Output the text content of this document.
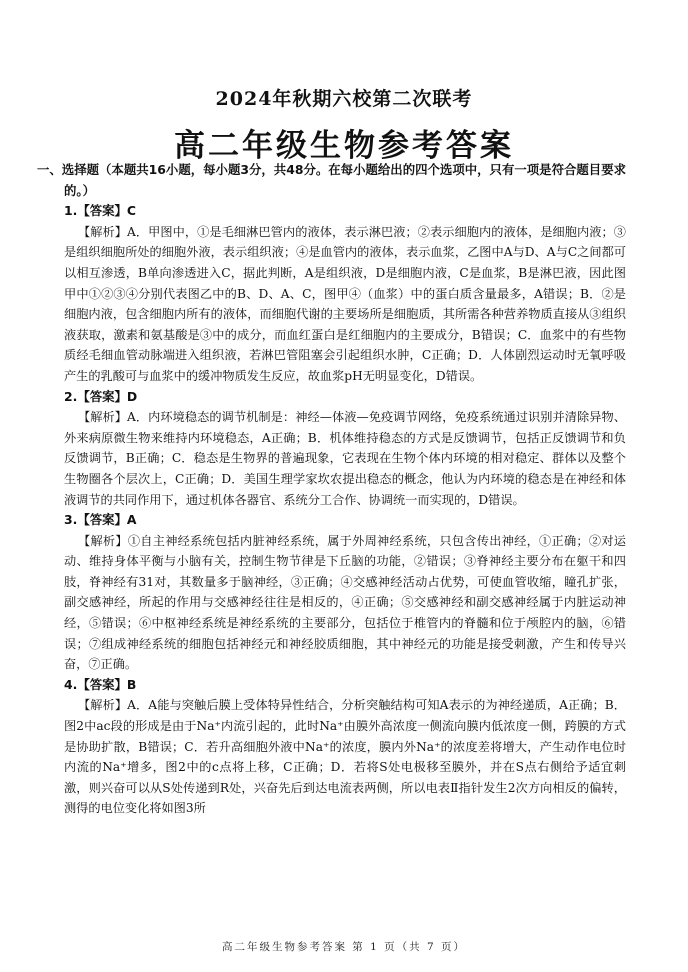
2024年秋期六校第二次联考
高二年级生物参考答案
一、选择题（本题共16小题，每小题3分，共48分。在每小题给出的四个选项中，只有一项是符合题目要求的。）
1.【答案】C
【解析】A．甲图中，①是毛细淋巴管内的液体，表示淋巴液；②表示细胞内的液体，是细胞内液；③是组织细胞所处的细胞外液，表示组织液；④是血管内的液体，表示血浆，乙图中A与D、A与C之间都可以相互渗透，B单向渗透进入C，据此判断，A是组织液，D是细胞内液，C是血浆，B是淋巴液，因此图甲中①②③④分别代表图乙中的B、D、A、C，图甲④（血浆）中的蛋白质含量最多，A错误；B．②是细胞内液，包含细胞内所有的液体，而细胞代谢的主要场所是细胞质，其所需各种营养物质直接从③组织液获取，激素和氨基酸是③中的成分，而血红蛋白是红细胞内的主要成分，B错误；C．血浆中的有些物质经毛细血管动脉端进入组织液，若淋巴管阻塞会引起组织水肿，C正确；D．人体剧烈运动时无氧呼吸产生的乳酸可与血浆中的缓冲物质发生反应，故血浆pH无明显变化，D错误。
2.【答案】D
【解析】A．内环境稳态的调节机制是：神经—体液—免疫调节网络，免疫系统通过识别并清除异物、外来病原微生物来维持内环境稳态，A正确；B．机体维持稳态的方式是反馈调节，包括正反馈调节和负反馈调节，B正确；C．稳态是生物界的普遍现象，它表现在生物个体内环境的相对稳定、群体以及整个生物圈各个层次上，C正确；D．美国生理学家坎农提出稳态的概念，他认为内环境的稳态是在神经和体液调节的共同作用下，通过机体各器官、系统分工合作、协调统一而实现的，D错误。
3.【答案】A
【解析】①自主神经系统包括内脏神经系统，属于外周神经系统，只包含传出神经，①正确；②对运动、维持身体平衡与小脑有关，控制生物节律是下丘脑的功能，②错误；③脊神经主要分布在躯干和四肢，脊神经有31对，其数量多于脑神经，③正确；④交感神经活动占优势，可使血管收缩，瞳孔扩张，副交感神经，所起的作用与交感神经往往是相反的，④正确；⑤交感神经和副交感神经属于内脏运动神经，⑤错误；⑥中枢神经系统是神经系统的主要部分，包括位于椎管内的脊髓和位于颅腔内的脑，⑥错误；⑦组成神经系统的细胞包括神经元和神经胶质细胞，其中神经元的功能是接受刺激，产生和传导兴奋，⑦正确。
4.【答案】B
【解析】A．A能与突触后膜上受体特异性结合，分析突触结构可知A表示的为神经递质，A正确；B．图2中ac段的形成是由于Na⁺内流引起的，此时Na⁺由膜外高浓度一侧流向膜内低浓度一侧，跨膜的方式是协助扩散，B错误；C．若升高细胞外液中Na⁺的浓度，膜内外Na⁺的浓度差将增大，产生动作电位时内流的Na⁺增多，图2中的c点将上移，C正确；D．若将S处电极移至膜外，并在S点右侧给予适宜刺激，则兴奋可以从S处传递到R处，兴奋先后到达电流表两侧，所以电表Ⅱ指针发生2次方向相反的偏转，测得的电位变化将如图3所
高二年级生物参考答案 第 1 页（共 7 页）
